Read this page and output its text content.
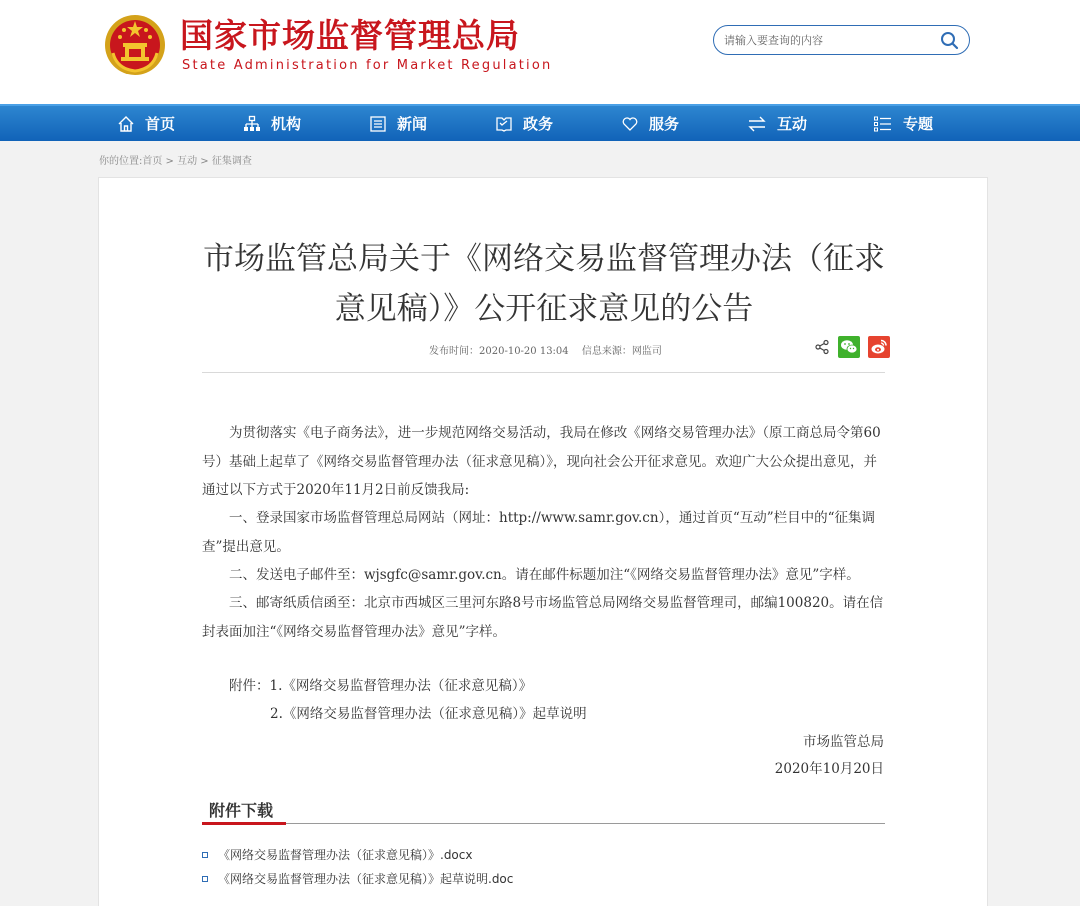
国家市场监督管理总局
State Administration for Market Regulation
请输入要查询的内容
首页	机构	新闻	政务	服务	互动	专题
你的位置:首页 > 互动 > 征集调查
市场监管总局关于《网络交易监督管理办法（征求意见稿）》公开征求意见的公告
发布时间：2020-10-20 13:04 信息来源：网监司

为贯彻落实《电子商务法》，进一步规范网络交易活动，我局在修改《网络交易管理办法》（原工商总局令第60号）基础上起草了《网络交易监督管理办法（征求意见稿）》，现向社会公开征求意见。欢迎广大公众提出意见，并通过以下方式于2020年11月2日前反馈我局:

一、登录国家市场监督管理总局网站（网址：http://www.samr.gov.cn），通过首页“互动”栏目中的“征集调查”提出意见。

二、发送电子邮件至：wjsgfc@samr.gov.cn。请在邮件标题加注“《网络交易监督管理办法》意见”字样。

三、邮寄纸质信函至：北京市西城区三里河东路8号市场监管总局网络交易监督管理司，邮编100820。请在信封表面加注“《网络交易监督管理办法》意见”字样。

附件：1.《网络交易监督管理办法（征求意见稿）》
2.《网络交易监督管理办法（征求意见稿）》起草说明
市场监管总局
2020年10月20日
附件下载
《网络交易监督管理办法（征求意见稿）》.docx
《网络交易监督管理办法（征求意见稿）》起草说明.doc
